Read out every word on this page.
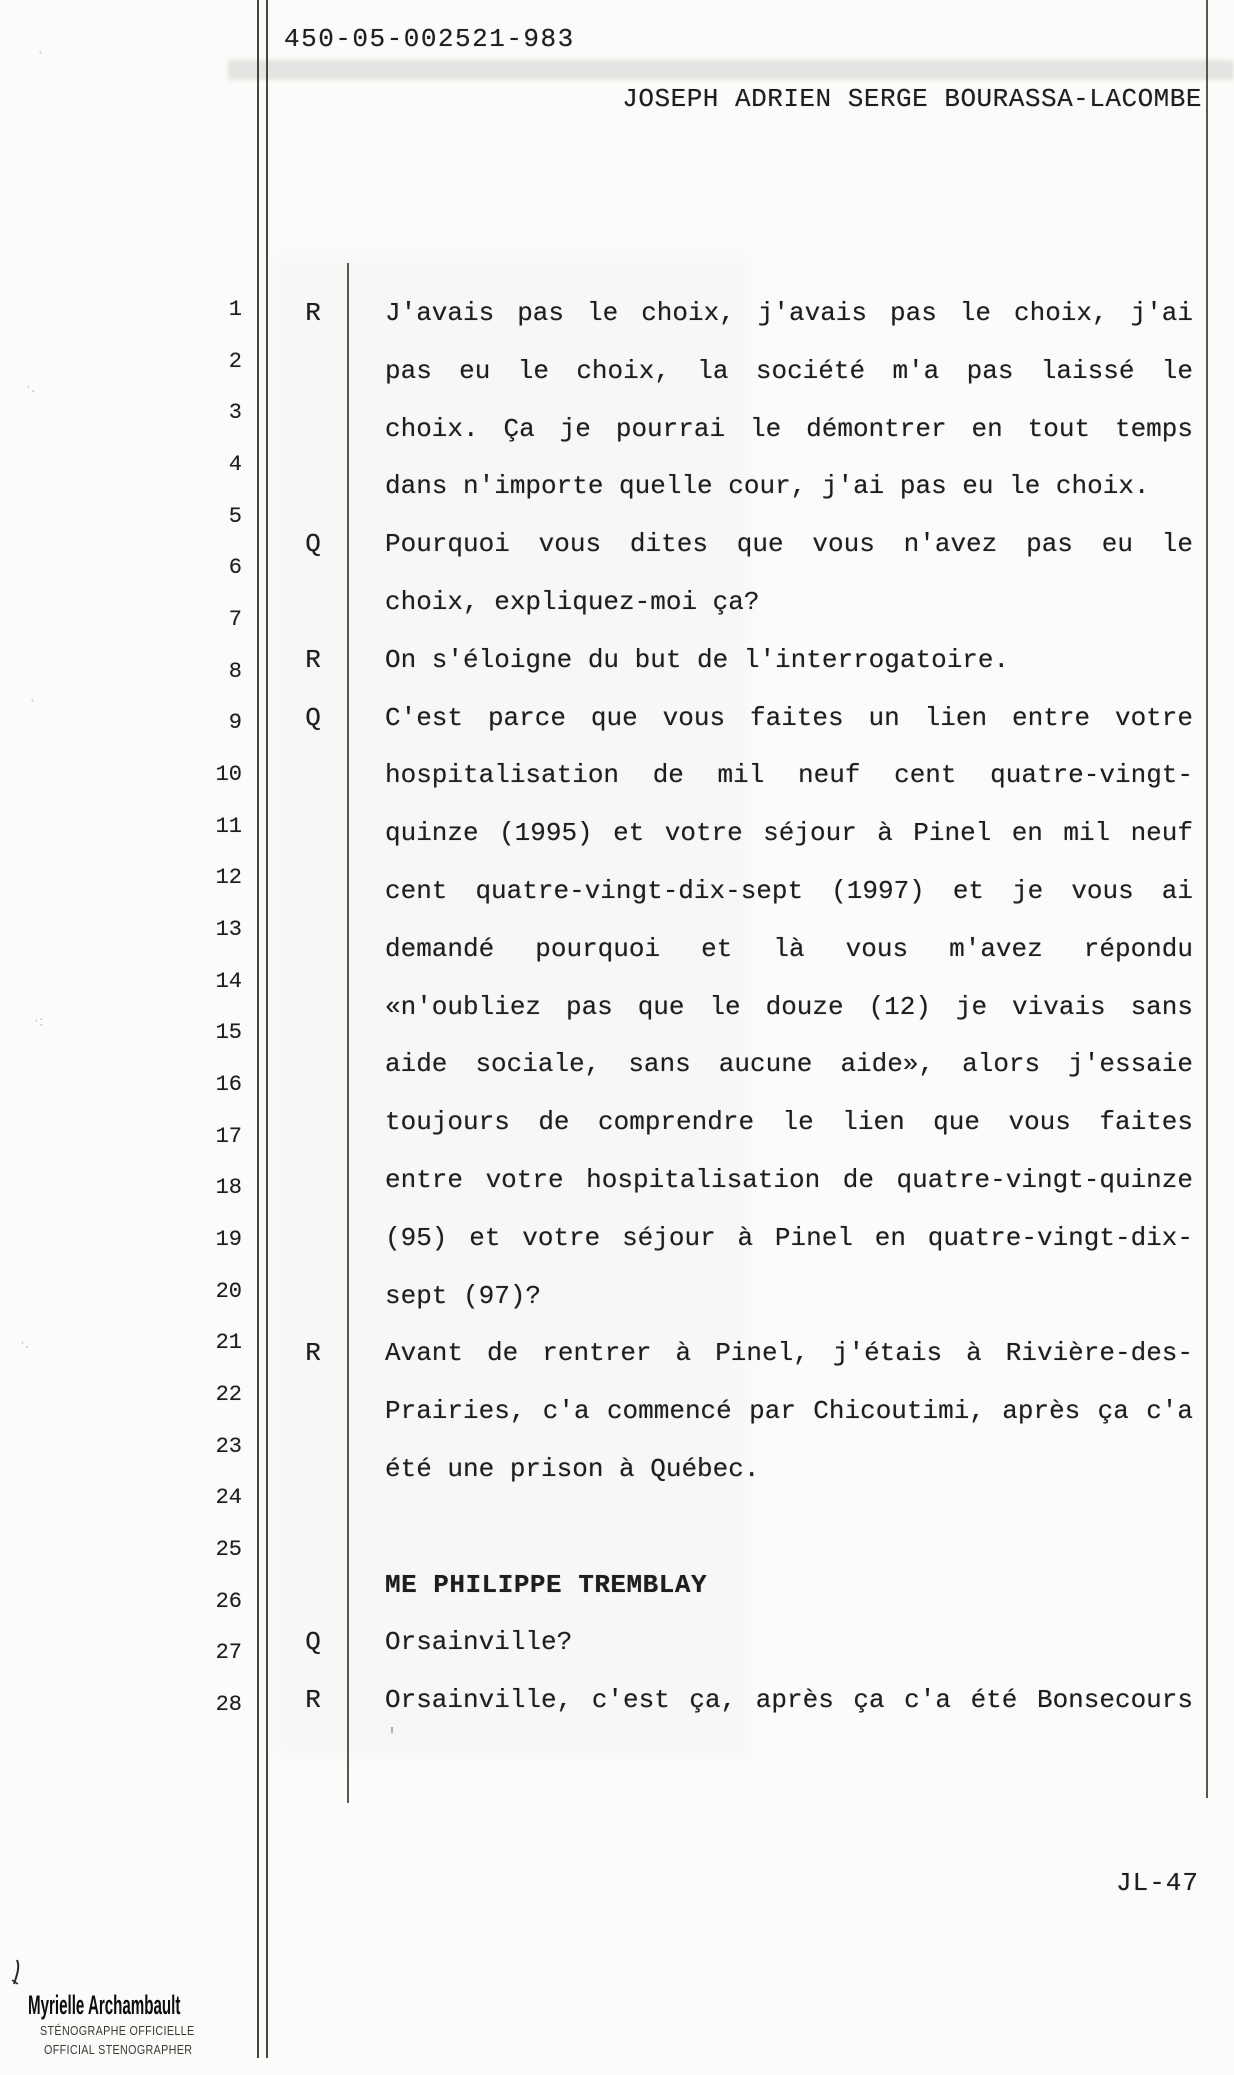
·
·.
·
·:
·.
450-05-002521-983
JOSEPH ADRIEN SERGE BOURASSA-LACOMBE
R	J'avais pas le choix, j'avais pas le choix, j'ai
pas eu le choix, la société m'a pas laissé le
choix. Ça je pourrai le démontrer en tout temps
dans n'importe quelle cour, j'ai pas eu le choix.
Q	Pourquoi vous dites que vous n'avez pas eu le
choix, expliquez-moi ça?
R	On s'éloigne du but de l'interrogatoire.
Q	C'est parce que vous faites un lien entre votre
hospitalisation de mil neuf cent quatre-vingt-
quinze (1995) et votre séjour à Pinel en mil neuf
cent quatre-vingt-dix-sept (1997) et je vous ai
demandé pourquoi et là vous m'avez répondu
«n'oubliez pas que le douze (12) je vivais sans
aide sociale, sans aucune aide», alors j'essaie
toujours de comprendre le lien que vous faites
entre votre hospitalisation de quatre-vingt-quinze
(95) et votre séjour à Pinel en quatre-vingt-dix-
sept (97)?
R	Avant de rentrer à Pinel, j'étais à Rivière-des-
Prairies, c'a commencé par Chicoutimi, après ça c'a
été une prison à Québec.
ME PHILIPPE TREMBLAY
Q	Orsainville?
R	Orsainville, c'est ça, après ça c'a été Bonsecours
1
2
3
4
5
6
7
8
9
10
11
12
13
14
15
16
17
18
19
20
21
22
23
24
25
26
27
28
JL-47
'
Myrielle Archambault
STÉNOGRAPHE OFFICIELLE
OFFICIAL STENOGRAPHER
